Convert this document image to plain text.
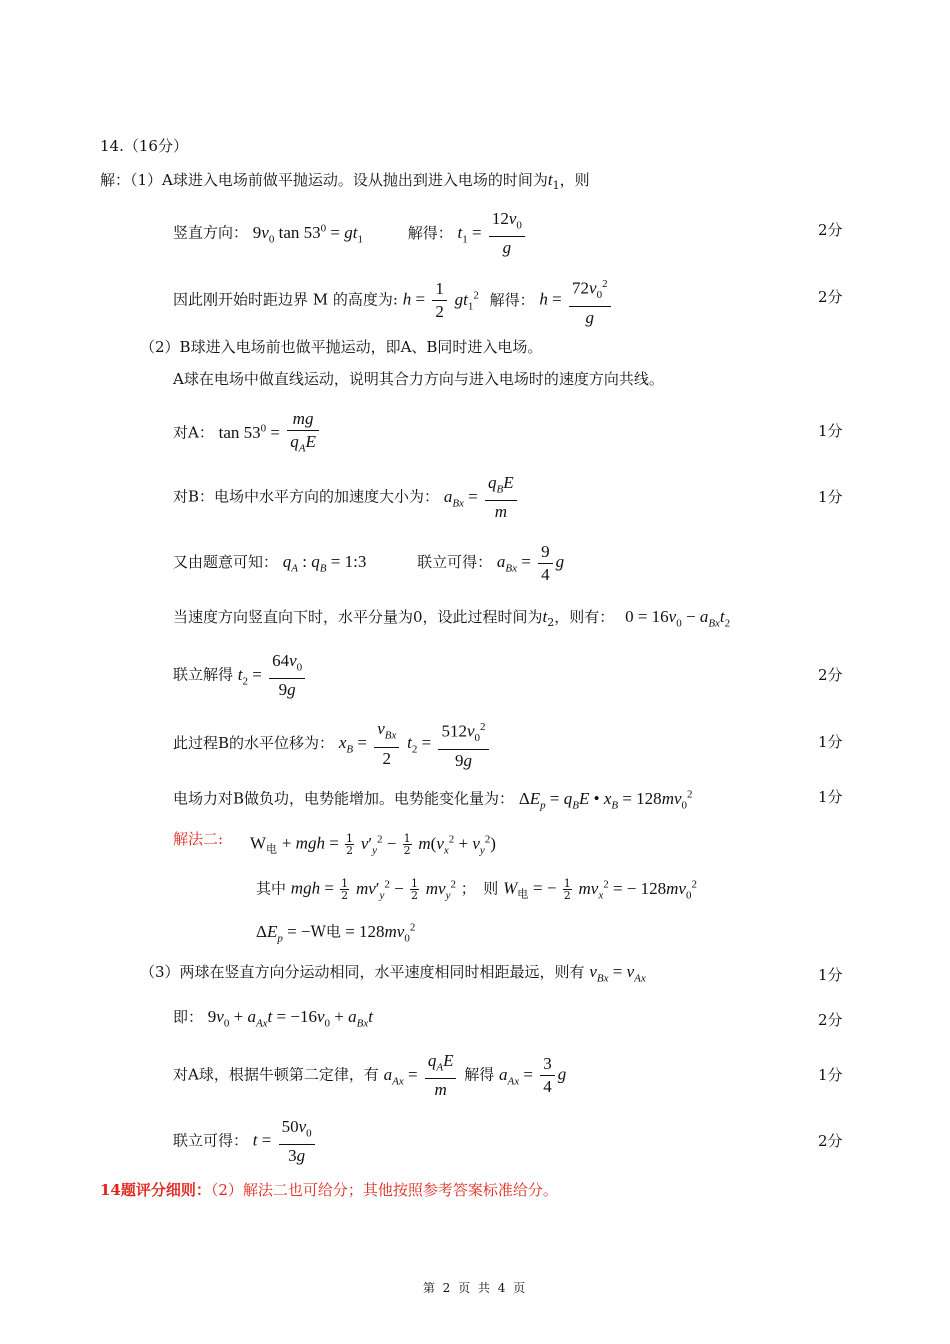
14.（16分）
解：（1）A球进入电场前做平抛运动。设从抛出到进入电场的时间为$t_1$，则
竖直方向： $9v_0$ $\tan 53^0 = gt_1$	解得： $t_1 = \frac{12v_0}{g}$	2分
因此刚开始时距边界 M 的高度为: $h = \frac{1}{2} gt_1^2$ 解得： $h = \frac{72v_0^2}{g}$	2分
（2）B球进入电场前也做平抛运动，即A、B同时进入电场。
A球在电场中做直线运动，说明其合力方向与进入电场时的速度方向共线。
对A： $\tan 53^0 = \frac{mg}{q_AE}$	1分
对B：电场中水平方向的加速度大小为： $a_{Bx} = \frac{q_BE}{m}$	1分
又由题意可知： $q_A$ : $q_B$ = 1:3	联立可得： $a_{Bx} = \frac{9}{4}$ g
当速度方向竖直向下时，水平分量为0，设此过程时间为$t_2$，则有： $0 = 16v_0 - a_{Bx}t_2$
联立解得 $t_2 = \frac{64v_0}{9g}$	2分
此过程B的水平位移为： $x_B = \frac{v_{Bx}}{2} t_2 = \frac{512v_0^2}{9g}$	1分
电场力对B做负功，电势能增加。电势能变化量为： $\Delta E_p = q_BE$ • $x_B = 128mv_0^2$	1分
解法二: $W_电$ + mgh = $\frac{1}{2} v'_y^2 - \frac{1}{2} m(v_x^2 + v_y^2)$
其中 mgh = $\frac{1}{2} mv'_y^2 - \frac{1}{2} mv_y^2$ ；　则 $W_电$ = − $\frac{1}{2} mv_x^2$ = − $128mv_0^2$
$\Delta E_p = -W$电 = $128mv_0^2$
（3）两球在竖直方向分运动相同，水平速度相同时相距最远，则有 $v_{Bx} = v_{Ax}$	1分
即： $9v_0 + a_{Ax}t = -16v_0 + a_{Bx}t$	2分
对A球，根据牛顿第二定律，有 $a_{Ax} = \frac{q_AE}{m}$ 解得 $a_{Ax} = \frac{3}{4}$ g	1分
联立可得： $t = \frac{50v_0}{3g}$	2分
14题评分细则：（2）解法二也可给分；其他按照参考答案标准给分。
第 2 页 共 4 页
